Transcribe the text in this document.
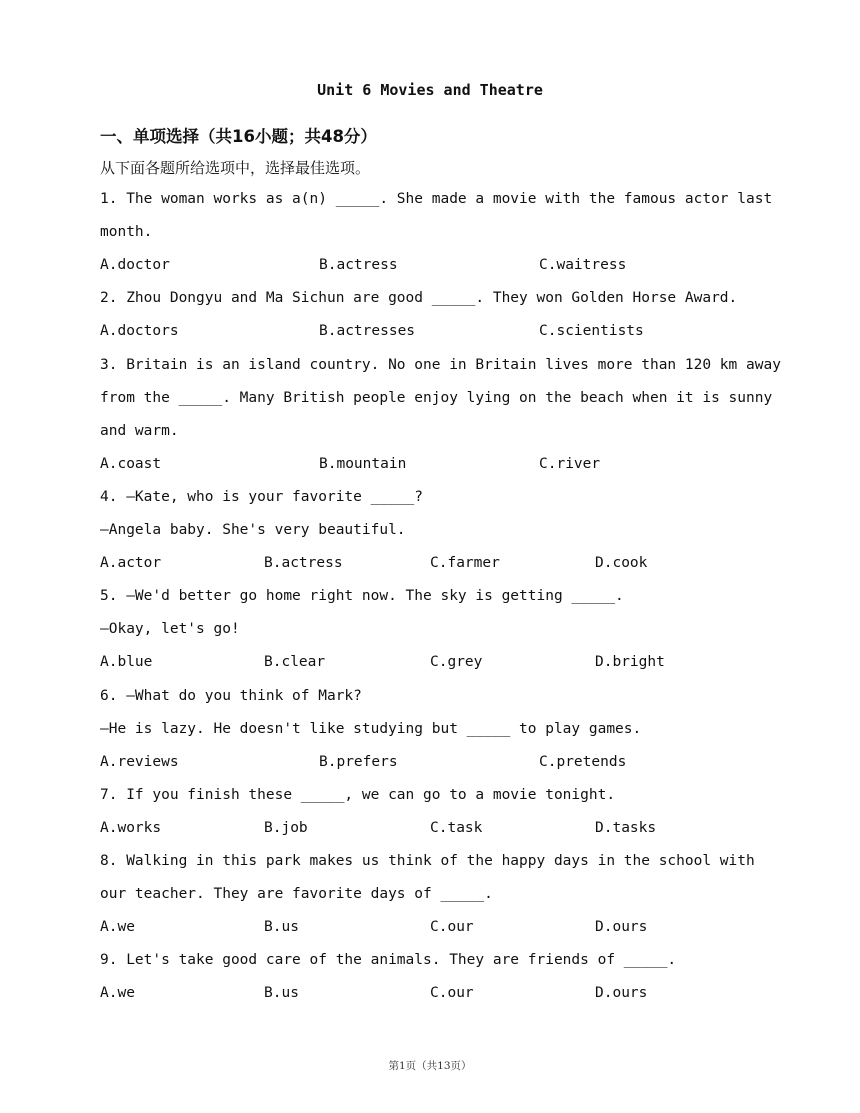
Unit 6 Movies and Theatre
一、单项选择（共16小题；共48分）
从下面各题所给选项中，选择最佳选项。
1. The woman works as a(n) _____. She made a movie with the famous actor last
month.
A.doctor	B.actress	C.waitress
2. Zhou Dongyu and Ma Sichun are good _____. They won Golden Horse Award.
A.doctors	B.actresses	C.scientists
3. Britain is an island country. No one in Britain lives more than 120 km away
from the _____. Many British people enjoy lying on the beach when it is sunny
and warm.
A.coast	B.mountain	C.river
4. —Kate, who is your favorite _____?
—Angela baby. She's very beautiful.
A.actor	B.actress	C.farmer	D.cook
5. —We'd better go home right now. The sky is getting _____.
—Okay, let's go!
A.blue	B.clear	C.grey	D.bright
6. —What do you think of Mark?
—He is lazy. He doesn't like studying but _____ to play games.
A.reviews	B.prefers	C.pretends
7. If you finish these _____, we can go to a movie tonight.
A.works	B.job	C.task	D.tasks
8. Walking in this park makes us think of the happy days in the school with
our teacher. They are favorite days of _____.
A.we	B.us	C.our	D.ours
9. Let's take good care of the animals. They are friends of _____.
A.we	B.us	C.our	D.ours
第1页（共13页）
